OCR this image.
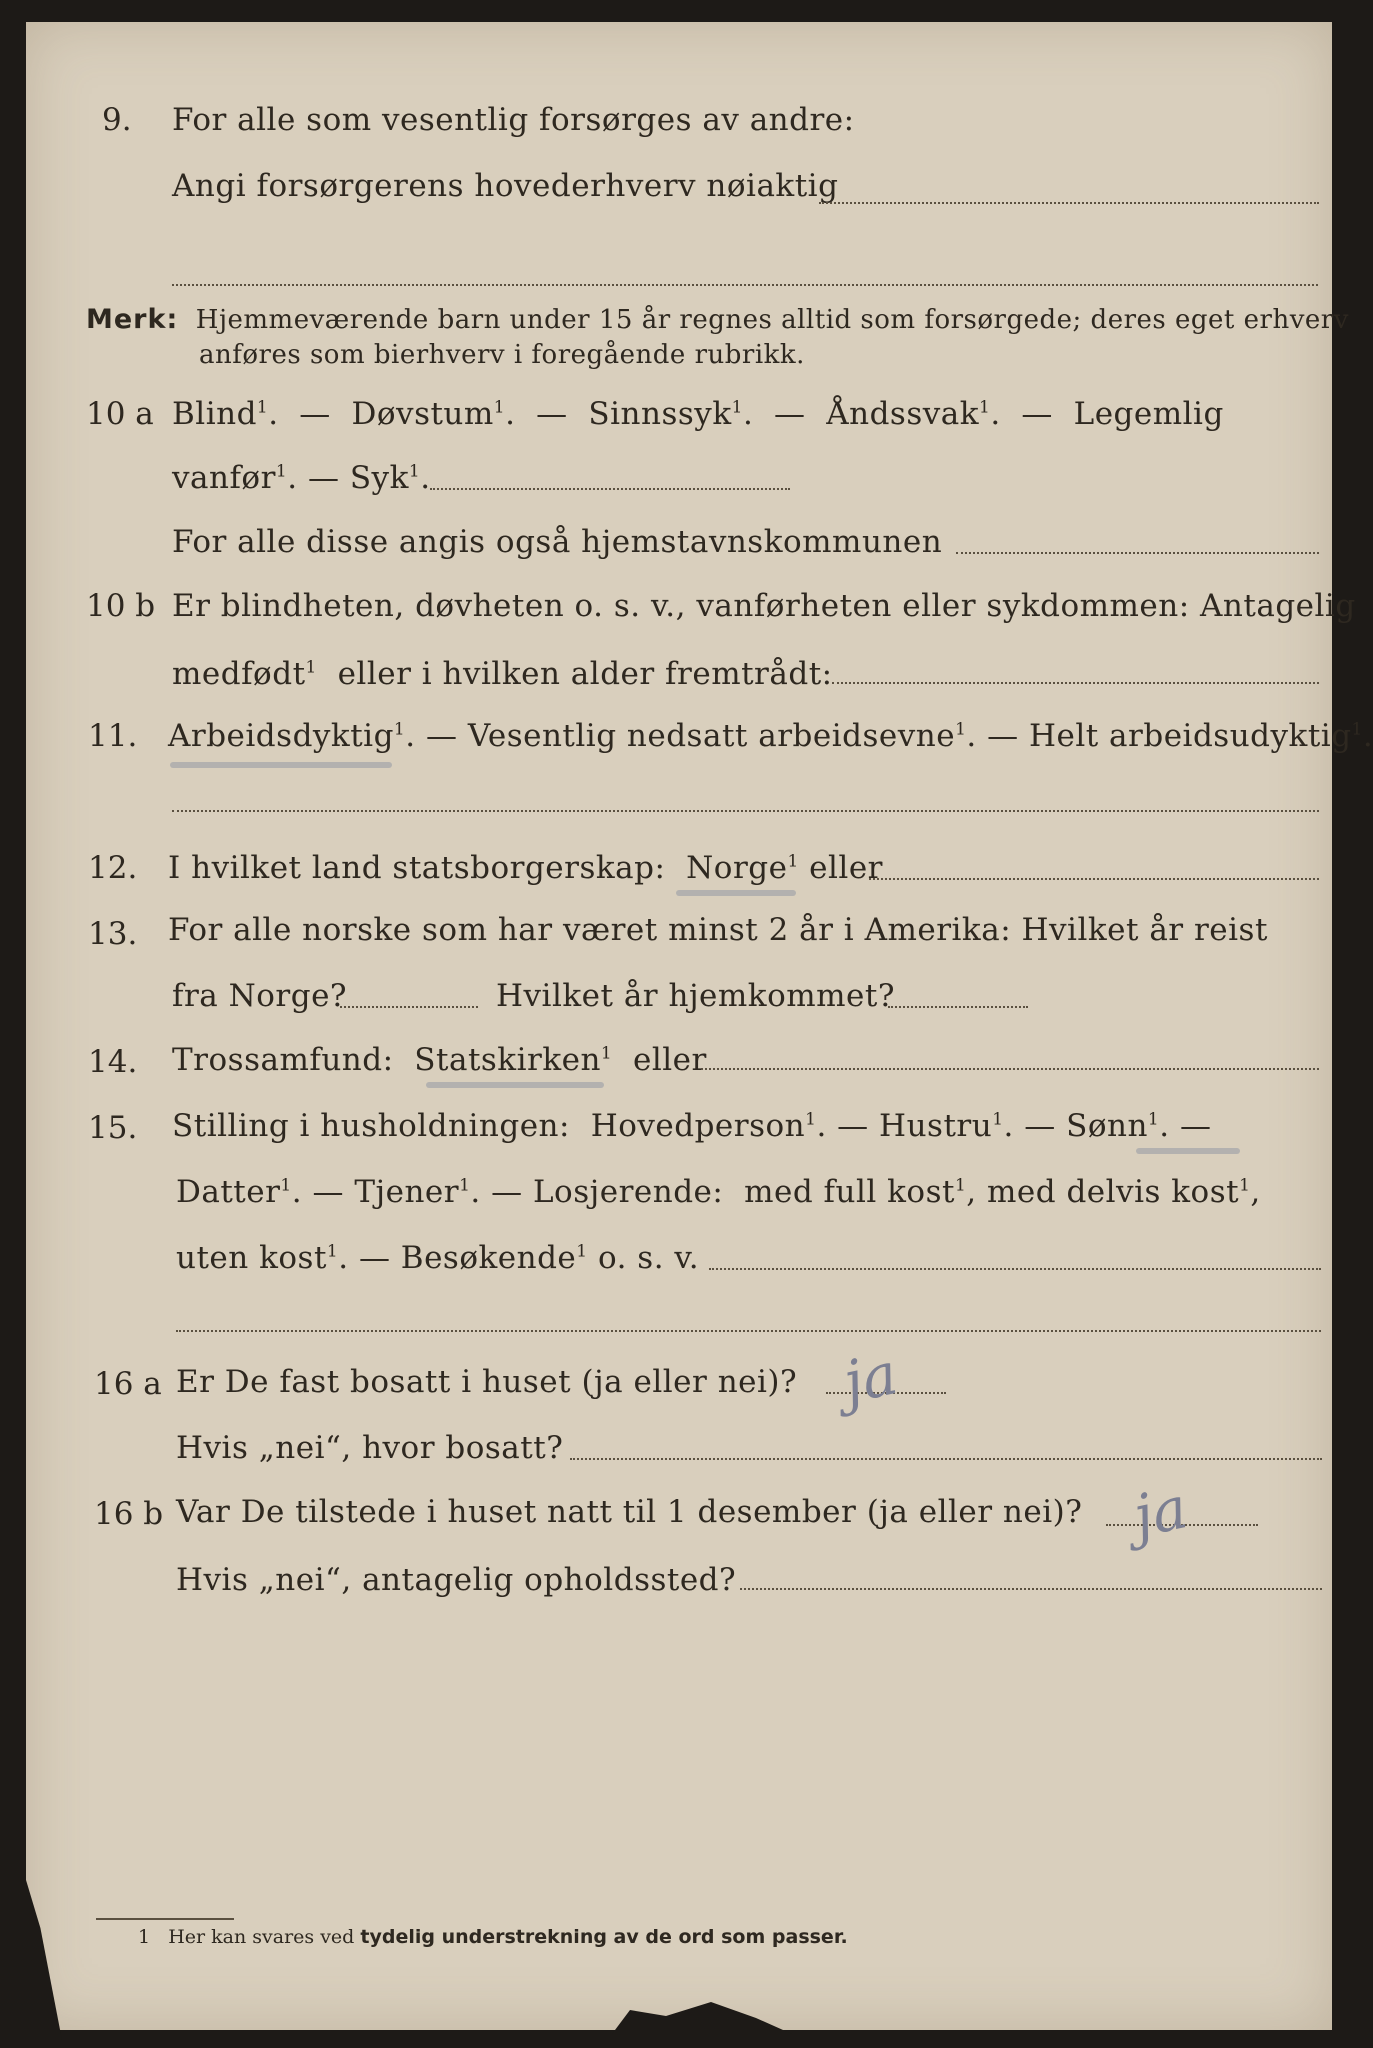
9. For alle som vesentlig forsørges av andre:
Angi forsørgerens hovederhverv nøiaktig
Merk: Hjemmeværende barn under 15 år regnes alltid som forsørgede; deres eget erhverv
anføres som bierhverv i foregående rubrikk.
10 a Blind$^1$.  —  Døvstum$^1$.  —  Sinnssyk$^1$.  —  Åndssvak$^1$.  —  Legemlig
vanfør$^1$. — Syk$^1$.
For alle disse angis også hjemstavnskommunen
10 b Er blindheten, døvheten o. s. v., vanførheten eller sykdommen: Antagelig
medfødt$^1$ eller i hvilken alder fremtrådt:
11. Arbeidsdyktig$^1$. — Vesentlig nedsatt arbeidsevne$^1$. — Helt arbeidsudyktig$^1$.
12. I hvilket land statsborgerskap: Norge$^1$ eller
13. For alle norske som har været minst 2 år i Amerika: Hvilket år reist
fra Norge?	Hvilket år hjemkommet?
14. Trossamfund: Statskirken$^1$ eller
15. Stilling i husholdningen: Hovedperson$^1$. — Hustru$^1$. — Sønn$^1$. —
Datter$^1$. — Tjener$^1$. — Losjerende: med full kost$^1$, med delvis kost$^1$,
uten kost$^1$. — Besøkende$^1$ o. s. v.
16 a Er De fast bosatt i huset (ja eller nei)? ja
Hvis „nei“, hvor bosatt?
16 b Var De tilstede i huset natt til 1 desember (ja eller nei)? ja
Hvis „nei“, antagelig opholdssted?
1 Her kan svares ved tydelig understrekning av de ord som passer.
